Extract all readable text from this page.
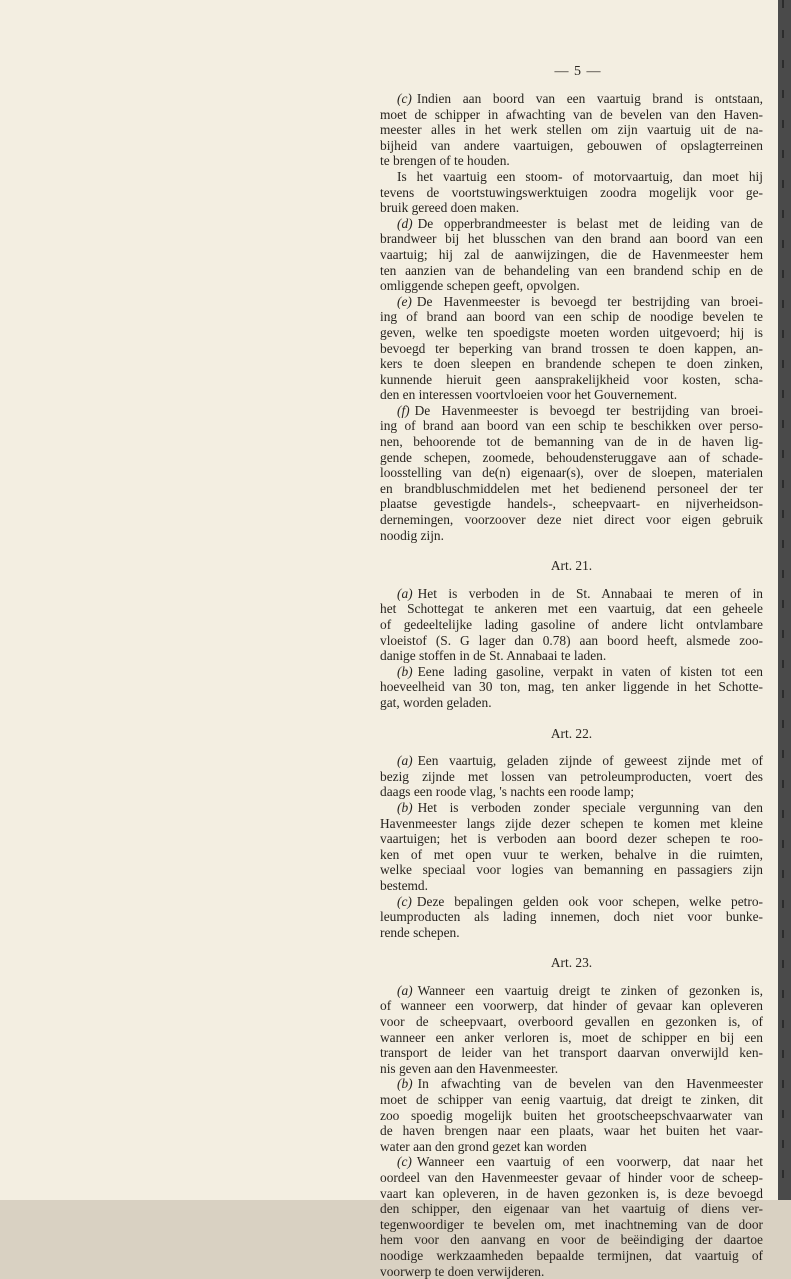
— 5 —

(c) Indien aan boord van een vaartuig brand is ontstaan,
moet de schipper in afwachting van de bevelen van den Haven-
meester alles in het werk stellen om zijn vaartuig uit de na-
bijheid van andere vaartuigen, gebouwen of opslagterreinen
te brengen of te houden.

Is het vaartuig een stoom- of motorvaartuig, dan moet hij
tevens de voortstuwingswerktuigen zoodra mogelijk voor ge-
bruik gereed doen maken.

(d) De opperbrandmeester is belast met de leiding van de
brandweer bij het blusschen van den brand aan boord van een
vaartuig; hij zal de aanwijzingen, die de Havenmeester hem
ten aanzien van de behandeling van een brandend schip en de
omliggende schepen geeft, opvolgen.

(e) De Havenmeester is bevoegd ter bestrijding van broei-
ing of brand aan boord van een schip de noodige bevelen te
geven, welke ten spoedigste moeten worden uitgevoerd; hij is
bevoegd ter beperking van brand trossen te doen kappen, an-
kers te doen sleepen en brandende schepen te doen zinken,
kunnende hieruit geen aansprakelijkheid voor kosten, scha-
den en interessen voortvloeien voor het Gouvernement.

(f) De Havenmeester is bevoegd ter bestrijding van broei-
ing of brand aan boord van een schip te beschikken over perso-
nen, behoorende tot de bemanning van de in de haven lig-
gende schepen, zoomede, behoudensteruggave aan of schade-
loosstelling van de(n) eigenaar(s), over de sloepen, materialen
en brandbluschmiddelen met het bedienend personeel der ter
plaatse gevestigde handels-, scheepvaart- en nijverheidson-
dernemingen, voorzoover deze niet direct voor eigen gebruik
noodig zijn.

Art. 21.

(a) Het is verboden in de St. Annabaai te meren of in
het Schottegat te ankeren met een vaartuig, dat een geheele
of gedeeltelijke lading gasoline of andere licht ontvlambare
vloeistof (S. G lager dan 0.78) aan boord heeft, alsmede zoo-
danige stoffen in de St. Annabaai te laden.

(b) Eene lading gasoline, verpakt in vaten of kisten tot een
hoeveelheid van 30 ton, mag, ten anker liggende in het Schotte-
gat, worden geladen.

Art. 22.

(a) Een vaartuig, geladen zijnde of geweest zijnde met of
bezig zijnde met lossen van petroleumproducten, voert des
daags een roode vlag, 's nachts een roode lamp;

(b) Het is verboden zonder speciale vergunning van den
Havenmeester langs zijde dezer schepen te komen met kleine
vaartuigen; het is verboden aan boord dezer schepen te roo-
ken of met open vuur te werken, behalve in die ruimten,
welke speciaal voor logies van bemanning en passagiers zijn
bestemd.

(c) Deze bepalingen gelden ook voor schepen, welke petro-
leumproducten als lading innemen, doch niet voor bunke-
rende schepen.

Art. 23.

(a) Wanneer een vaartuig dreigt te zinken of gezonken is,
of wanneer een voorwerp, dat hinder of gevaar kan opleveren
voor de scheepvaart, overboord gevallen en gezonken is, of
wanneer een anker verloren is, moet de schipper en bij een
transport de leider van het transport daarvan onverwijld ken-
nis geven aan den Havenmeester.

(b) In afwachting van de bevelen van den Havenmeester
moet de schipper van eenig vaartuig, dat dreigt te zinken, dit
zoo spoedig mogelijk buiten het grootscheepschvaarwater van
de haven brengen naar een plaats, waar het buiten het vaar-
water aan den grond gezet kan worden

(c) Wanneer een vaartuig of een voorwerp, dat naar het
oordeel van den Havenmeester gevaar of hinder voor de scheep-
vaart kan opleveren, in de haven gezonken is, is deze bevoegd
den schipper, den eigenaar van het vaartuig of diens ver-
tegenwoordiger te bevelen om, met inachtneming van de door
hem voor den aanvang en voor de beëindiging der daartoe
noodige werkzaamheden bepaalde termijnen, dat vaartuig of
voorwerp te doen verwijderen.
